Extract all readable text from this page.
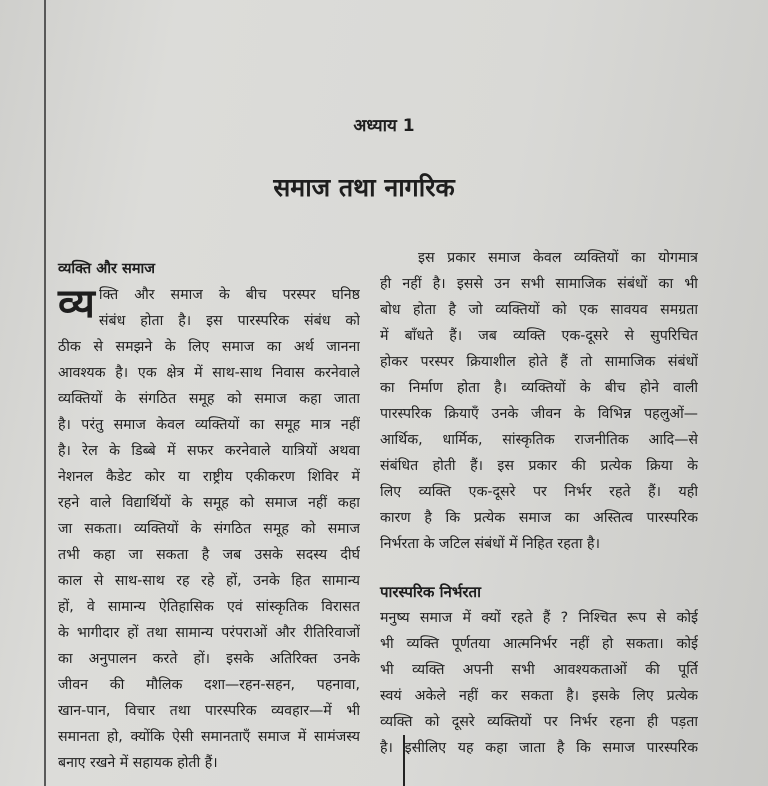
अध्याय 1
समाज तथा नागरिक
व्यक्ति और समाज
व्य क्ति और समाज के बीच परस्पर घनिष्ठ
संबंध होता है। इस पारस्परिक संबंध को
ठीक से समझने के लिए समाज का अर्थ जानना
आवश्यक है। एक क्षेत्र में साथ-साथ निवास करनेवाले
व्यक्तियों के संगठित समूह को समाज कहा जाता
है। परंतु समाज केवल व्यक्तियों का समूह मात्र नहीं
है। रेल के डिब्बे में सफर करनेवाले यात्रियों अथवा
नेशनल कैडेट कोर या राष्ट्रीय एकीकरण शिविर में
रहने वाले विद्यार्थियों के समूह को समाज नहीं कहा
जा सकता। व्यक्तियों के संगठित समूह को समाज
तभी कहा जा सकता है जब उसके सदस्य दीर्घ
काल से साथ-साथ रह रहे हों, उनके हित सामान्य
हों, वे सामान्य ऐतिहासिक एवं सांस्कृतिक विरासत
के भागीदार हों तथा सामान्य परंपराओं और रीतिरिवाजों
का अनुपालन करते हों। इसके अतिरिक्त उनके
जीवन की मौलिक दशा—रहन-सहन, पहनावा,
खान-पान, विचार तथा पारस्परिक व्यवहार—में भी
समानता हो, क्योंकि ऐसी समानताएँ समाज में सामंजस्य
बनाए रखने में सहायक होती हैं।
इस प्रकार समाज केवल व्यक्तियों का योगमात्र
ही नहीं है। इससे उन सभी सामाजिक संबंधों का भी
बोध होता है जो व्यक्तियों को एक सावयव समग्रता
में बाँधते हैं। जब व्यक्ति एक-दूसरे से सुपरिचित
होकर परस्पर क्रियाशील होते हैं तो सामाजिक संबंधों
का निर्माण होता है। व्यक्तियों के बीच होने वाली
पारस्परिक क्रियाएँ उनके जीवन के विभिन्न पहलुओं—
आर्थिक, धार्मिक, सांस्कृतिक राजनीतिक आदि—से
संबंधित होती हैं। इस प्रकार की प्रत्येक क्रिया के
लिए व्यक्ति एक-दूसरे पर निर्भर रहते हैं। यही
कारण है कि प्रत्येक समाज का अस्तित्व पारस्परिक
निर्भरता के जटिल संबंधों में निहित रहता है।
पारस्परिक निर्भरता
मनुष्य समाज में क्यों रहते हैं ? निश्चित रूप से कोई
भी व्यक्ति पूर्णतया आत्मनिर्भर नहीं हो सकता। कोई
भी व्यक्ति अपनी सभी आवश्यकताओं की पूर्ति
स्वयं अकेले नहीं कर सकता है। इसके लिए प्रत्येक
व्यक्ति को दूसरे व्यक्तियों पर निर्भर रहना ही पड़ता
है। इसीलिए यह कहा जाता है कि समाज पारस्परिक
